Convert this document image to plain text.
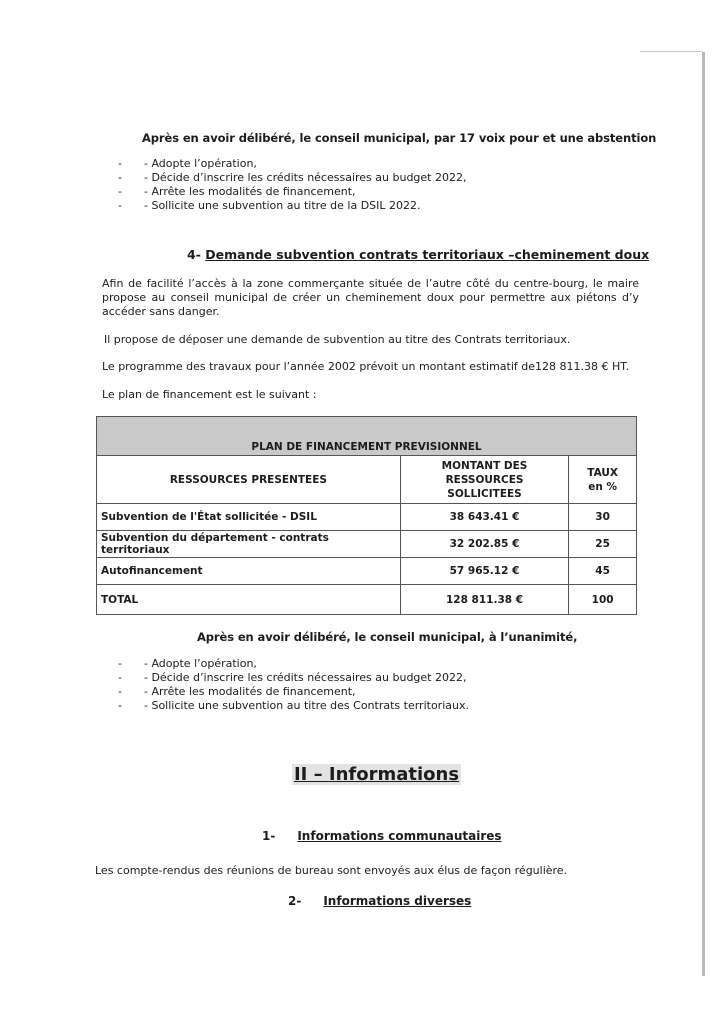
Après en avoir délibéré, le conseil municipal, par 17 voix pour et une abstention
- - Adopte l’opération,
- - Décide d’inscrire les crédits nécessaires au budget 2022,
- - Arrête les modalités de financement,
- - Sollicite une subvention au titre de la DSIL 2022.
4- Demande subvention contrats territoriaux –cheminement doux
Afin de facilité l’accès à la zone commerçante située de l’autre côté du centre-bourg, le maire propose au conseil municipal de créer un cheminement doux pour permettre aux piétons d’y accéder sans danger.
Il propose de déposer une demande de subvention au titre des Contrats territoriaux.
Le programme des travaux pour l’année 2002 prévoit un montant estimatif de128 811.38 € HT.
Le plan de financement est le suivant :
PLAN DE FINANCEMENT PREVISIONNEL		
RESSOURCES PRESENTEES	MONTANT DES RESSOURCES SOLLICITEES	TAUX en %
Subvention de l'État sollicitée - DSIL	38 643.41 €	30
Subvention du département - contrats territoriaux	32 202.85 €	25
Autofinancement	57 965.12 €	45
TOTAL	128 811.38 €	100
Après en avoir délibéré, le conseil municipal, à l’unanimité,
- - Adopte l’opération,
- - Décide d’inscrire les crédits nécessaires au budget 2022,
- - Arrête les modalités de financement,
- - Sollicite une subvention au titre des Contrats territoriaux.
II – Informations
1- Informations communautaires
Les compte-rendus des réunions de bureau sont envoyés aux élus de façon régulière.
2- Informations diverses
